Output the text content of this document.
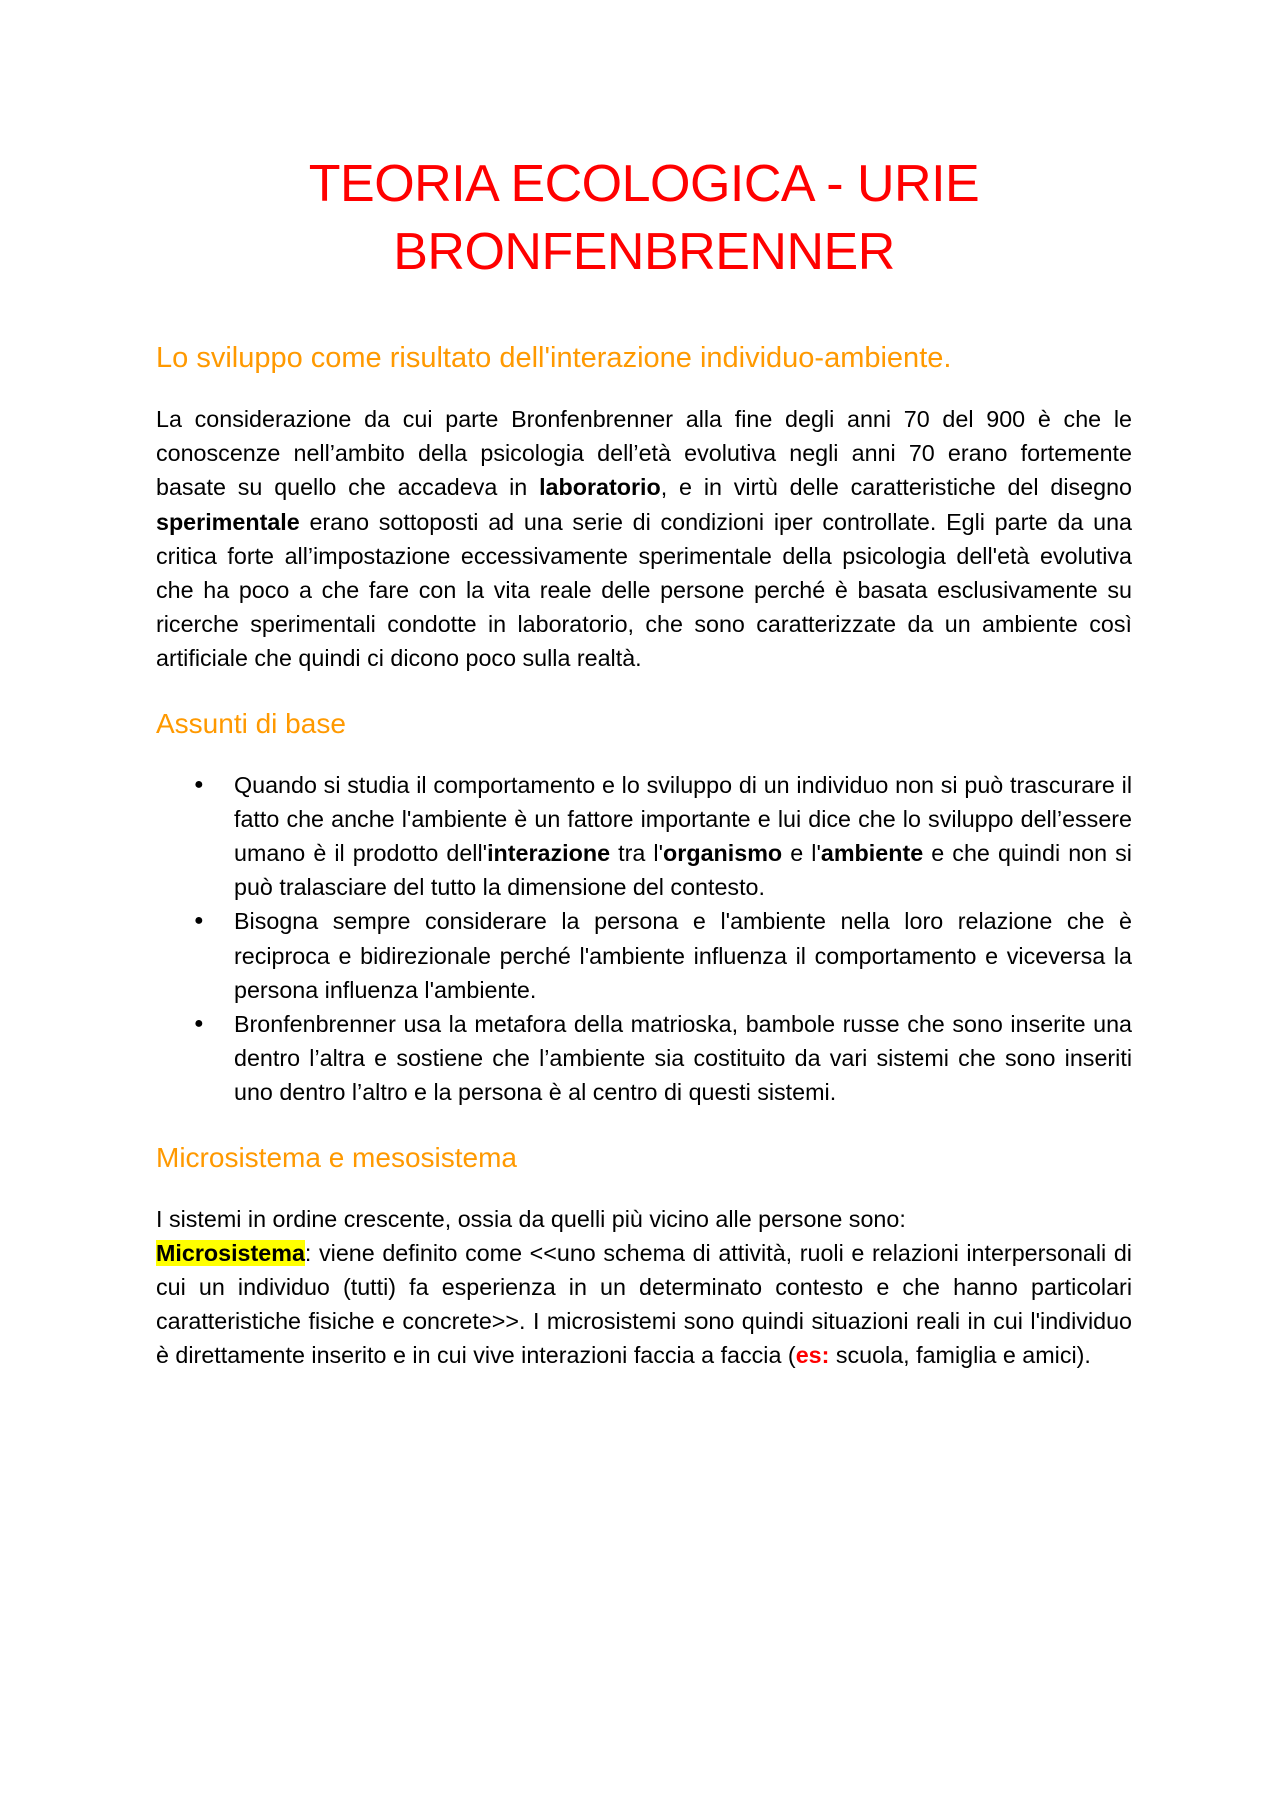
TEORIA ECOLOGICA - URIE
BRONFENBRENNER
Lo sviluppo come risultato dell'interazione individuo-ambiente.

La considerazione da cui parte Bronfenbrenner alla fine degli anni 70 del 900 è che le conoscenze nell’ambito della psicologia dell’età evolutiva negli anni 70 erano fortemente basate su quello che accadeva in laboratorio, e in virtù delle caratteristiche del disegno sperimentale erano sottoposti ad una serie di condizioni iper controllate. Egli parte da una critica forte all’impostazione eccessivamente sperimentale della psicologia dell'età evolutiva che ha poco a che fare con la vita reale delle persone perché è basata esclusivamente su ricerche sperimentali condotte in laboratorio, che sono caratterizzate da un ambiente così artificiale che quindi ci dicono poco sulla realtà.

Assunti di base
● Quando si studia il comportamento e lo sviluppo di un individuo non si può trascurare il fatto che anche l'ambiente è un fattore importante e lui dice che lo sviluppo dell’essere umano è il prodotto dell'interazione tra l'organismo e l'ambiente e che quindi non si può tralasciare del tutto la dimensione del contesto.
● Bisogna sempre considerare la persona e l'ambiente nella loro relazione che è reciproca e bidirezionale perché l'ambiente influenza il comportamento e viceversa la persona influenza l'ambiente.
● Bronfenbrenner usa la metafora della matrioska, bambole russe che sono inserite una dentro l’altra e sostiene che l’ambiente sia costituito da vari sistemi che sono inseriti uno dentro l’altro e la persona è al centro di questi sistemi.
Microsistema e mesosistema

I sistemi in ordine crescente, ossia da quelli più vicino alle persone sono:

Microsistema: viene definito come <<uno schema di attività, ruoli e relazioni interpersonali di cui un individuo (tutti) fa esperienza in un determinato contesto e che hanno particolari caratteristiche fisiche e concrete>>. I microsistemi sono quindi situazioni reali in cui l'individuo è direttamente inserito e in cui vive interazioni faccia a faccia (es: scuola, famiglia e amici).
